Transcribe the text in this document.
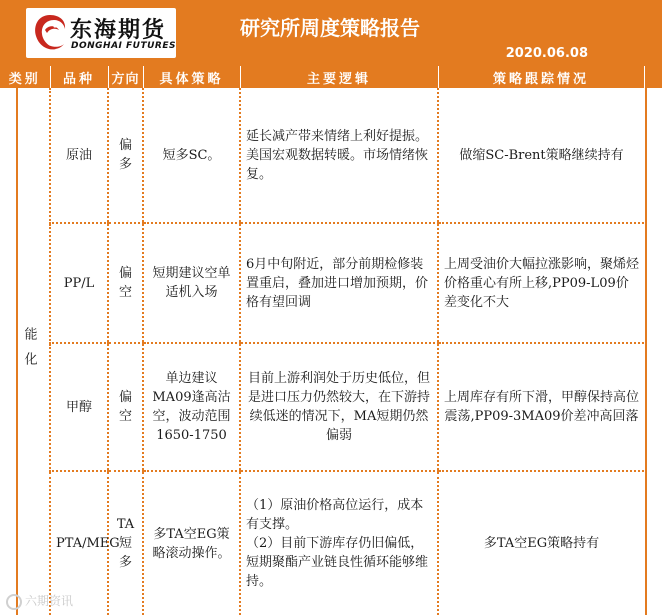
东海期货
DONGHAI FUTURES
研究所周度策略报告
2020.06.08
类别	品种	方向	具体策略	主要逻辑	策略跟踪情况	

能化	原油	偏多	短多SC。	延长减产带来情绪上利好提振。美国宏观数据转暖。市场情绪恢复。	做缩SC-Brent策略继续持有	
	PP/L	偏空	短期建议空单适机入场	6月中旬附近，部分前期检修装置重启，叠加进口增加预期，价格有望回调	上周受油价大幅拉涨影响，聚烯烃价格重心有所上移,PP09-L09价差变化不大	
	甲醇	偏空	单边建议MA09逢高沽空，波动范围1650-1750	目前上游利润处于历史低位，但是进口压力仍然较大，在下游持续低迷的情况下，MA短期仍然偏弱	上周库存有所下滑，甲醇保持高位震荡,PP09-3MA09价差冲高回落	
	PTA/MEG	TA短多	多TA空EG策略滚动操作。	（1）原油价格高位运行，成本有支撑。
（2）目前下游库存仍旧偏低，短期聚酯产业链良性循环能够维持。	多TA空EG策略持有	
六期资讯
